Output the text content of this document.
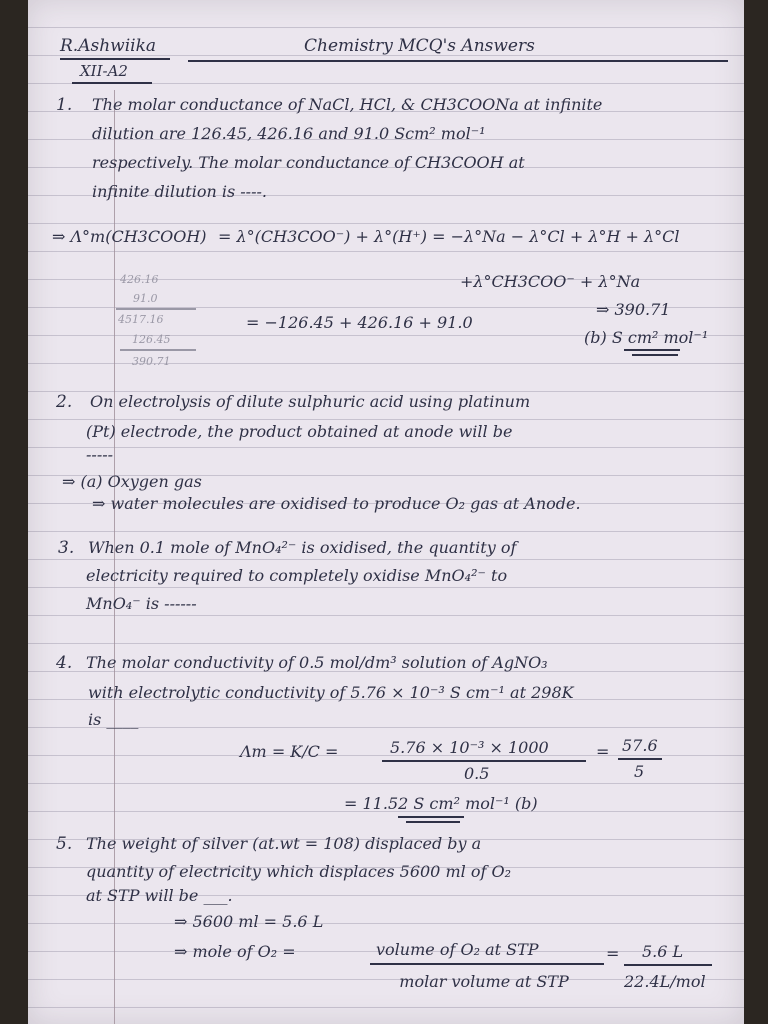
R.Ashwiika
XII-A2
Chemistry MCQ's Answers
1. The molar conductance of NaCl, HCl, & CH3COONa at infinite
dilution are 126.45, 426.16 and 91.0 Scm² mol⁻¹
respectively. The molar conductance of CH3COOH at
infinite dilution is ----.
⇒ Λ°m(CH3COOH) = λ°(CH3COO⁻) + λ°(H⁺) = −λ°Na − λ°Cl + λ°H + λ°Cl
+λ°CH3COO⁻ + λ°Na
426.16
91.0
4517.16
126.45
390.71
= −126.45 + 426.16 + 91.0
⇒ 390.71
(b) S cm² mol⁻¹
2. On electrolysis of dilute sulphuric acid using platinum
(Pt) electrode, the product obtained at anode will be
-----
⇒ (a) Oxygen gas
⇒ water molecules are oxidised to produce O₂ gas at Anode.
3. When 0.1 mole of MnO₄²⁻ is oxidised, the quantity of
electricity required to completely oxidise MnO₄²⁻ to
MnO₄⁻ is ------
4. The molar conductivity of 0.5 mol/dm³ solution of AgNO₃
with electrolytic conductivity of 5.76 × 10⁻³ S cm⁻¹ at 298K
is ____
Λm = K/C =	5.76 × 10⁻³ × 1000
0.5
= 57.6
5
= 11.52 S cm² mol⁻¹ (b)
5. The weight of silver (at.wt = 108) displaced by a
quantity of electricity which displaces 5600 ml of O₂
at STP will be ___.
⇒ 5600 ml = 5.6 L
⇒ mole of O₂ =	volume of O₂ at STP
molar volume at STP
= 5.6 L
22.4L/mol
